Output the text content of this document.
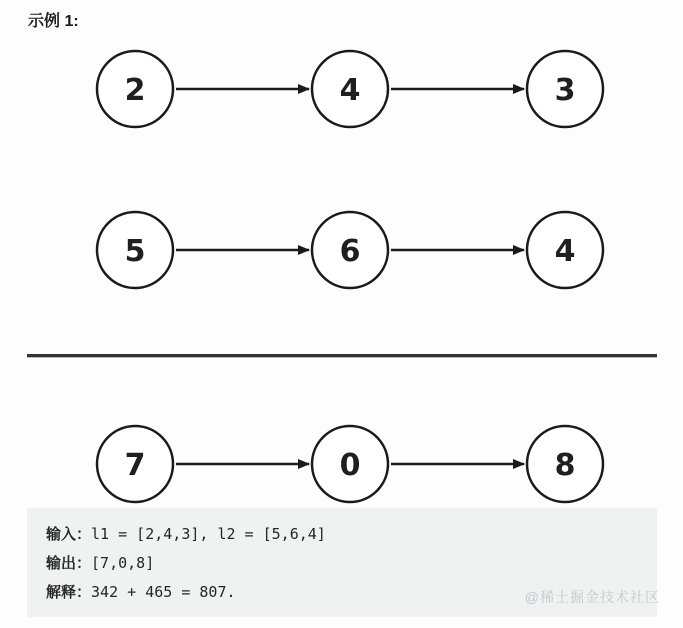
示例 1:
2	4	3
5	6	4
7	0	8
输入：l1 = [2,4,3], l2 = [5,6,4]
输出：[7,0,8]
解释：342 + 465 = 807.	@稀土掘金技术社区
